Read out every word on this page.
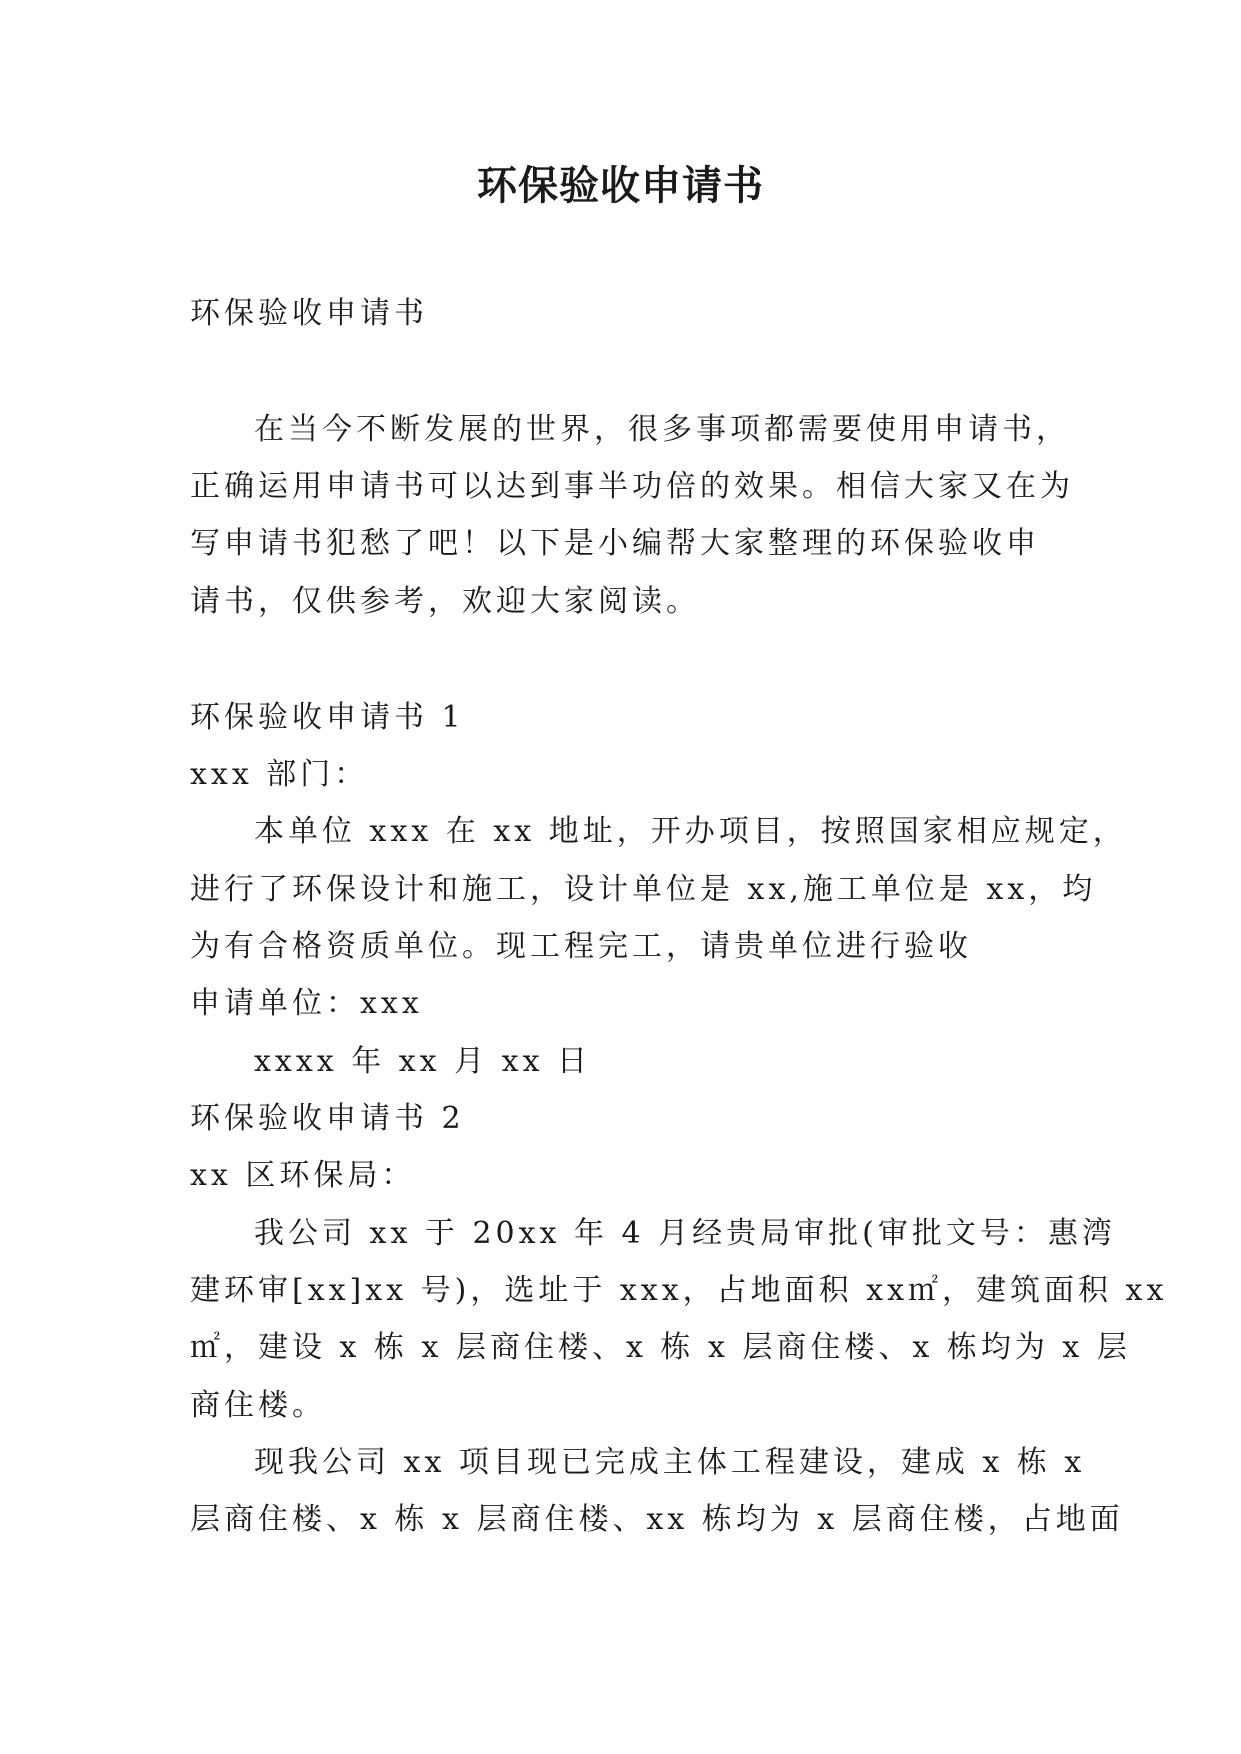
环保验收申请书
环保验收申请书
在当今不断发展的世界，很多事项都需要使用申请书，
正确运用申请书可以达到事半功倍的效果。相信大家又在为
写申请书犯愁了吧！以下是小编帮大家整理的环保验收申
请书，仅供参考，欢迎大家阅读。
环保验收申请书 1
xxx 部门：
本单位 xxx 在 xx 地址，开办项目，按照国家相应规定，
进行了环保设计和施工，设计单位是 xx,施工单位是 xx，均
为有合格资质单位。现工程完工，请贵单位进行验收
申请单位：xxx
xxxx 年 xx 月 xx 日
环保验收申请书 2
xx 区环保局：
我公司 xx 于 20xx 年 4 月经贵局审批(审批文号：惠湾
建环审[xx]xx 号)，选址于 xxx，占地面积 xx㎡，建筑面积 xx
㎡，建设 x 栋 x 层商住楼、x 栋 x 层商住楼、x 栋均为 x 层
商住楼。
现我公司 xx 项目现已完成主体工程建设，建成 x 栋 x
层商住楼、x 栋 x 层商住楼、xx 栋均为 x 层商住楼，占地面
